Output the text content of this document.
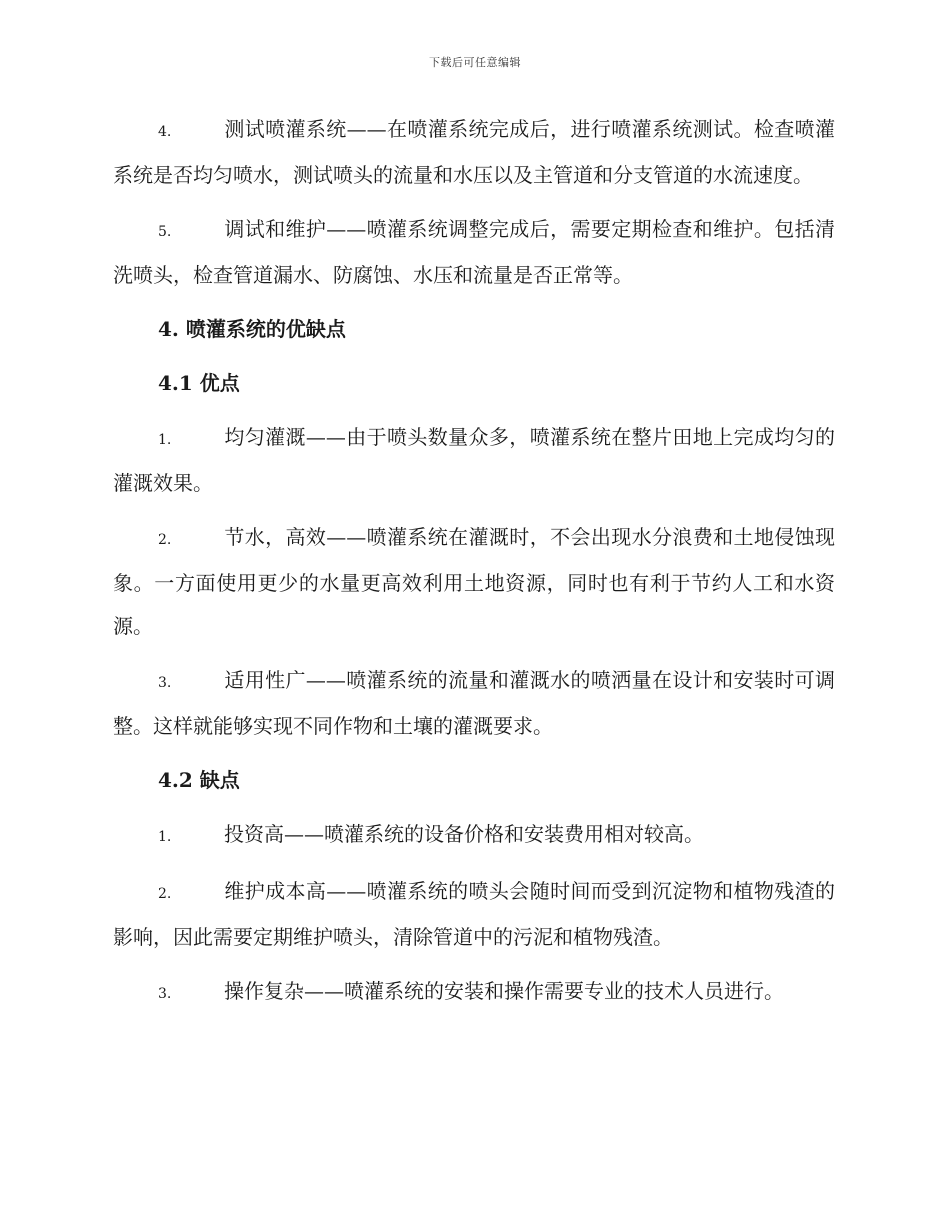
下载后可任意编辑

4.	测试喷灌系统——在喷灌系统完成后，进行喷灌系统测试。检查喷灌系统是否均匀喷水，测试喷头的流量和水压以及主管道和分支管道的水流速度。

5.	调试和维护——喷灌系统调整完成后，需要定期检查和维护。包括清洗喷头，检查管道漏水、防腐蚀、水压和流量是否正常等。

4. 喷灌系统的优缺点

4.1 优点

1.	均匀灌溉——由于喷头数量众多，喷灌系统在整片田地上完成均匀的灌溉效果。

2.	节水，高效——喷灌系统在灌溉时，不会出现水分浪费和土地侵蚀现象。一方面使用更少的水量更高效利用土地资源，同时也有利于节约人工和水资源。

3.	适用性广——喷灌系统的流量和灌溉水的喷洒量在设计和安装时可调整。这样就能够实现不同作物和土壤的灌溉要求。

4.2 缺点

1.	投资高——喷灌系统的设备价格和安装费用相对较高。

2.	维护成本高——喷灌系统的喷头会随时间而受到沉淀物和植物残渣的影响，因此需要定期维护喷头，清除管道中的污泥和植物残渣。

3.	操作复杂——喷灌系统的安装和操作需要专业的技术人员进行。
